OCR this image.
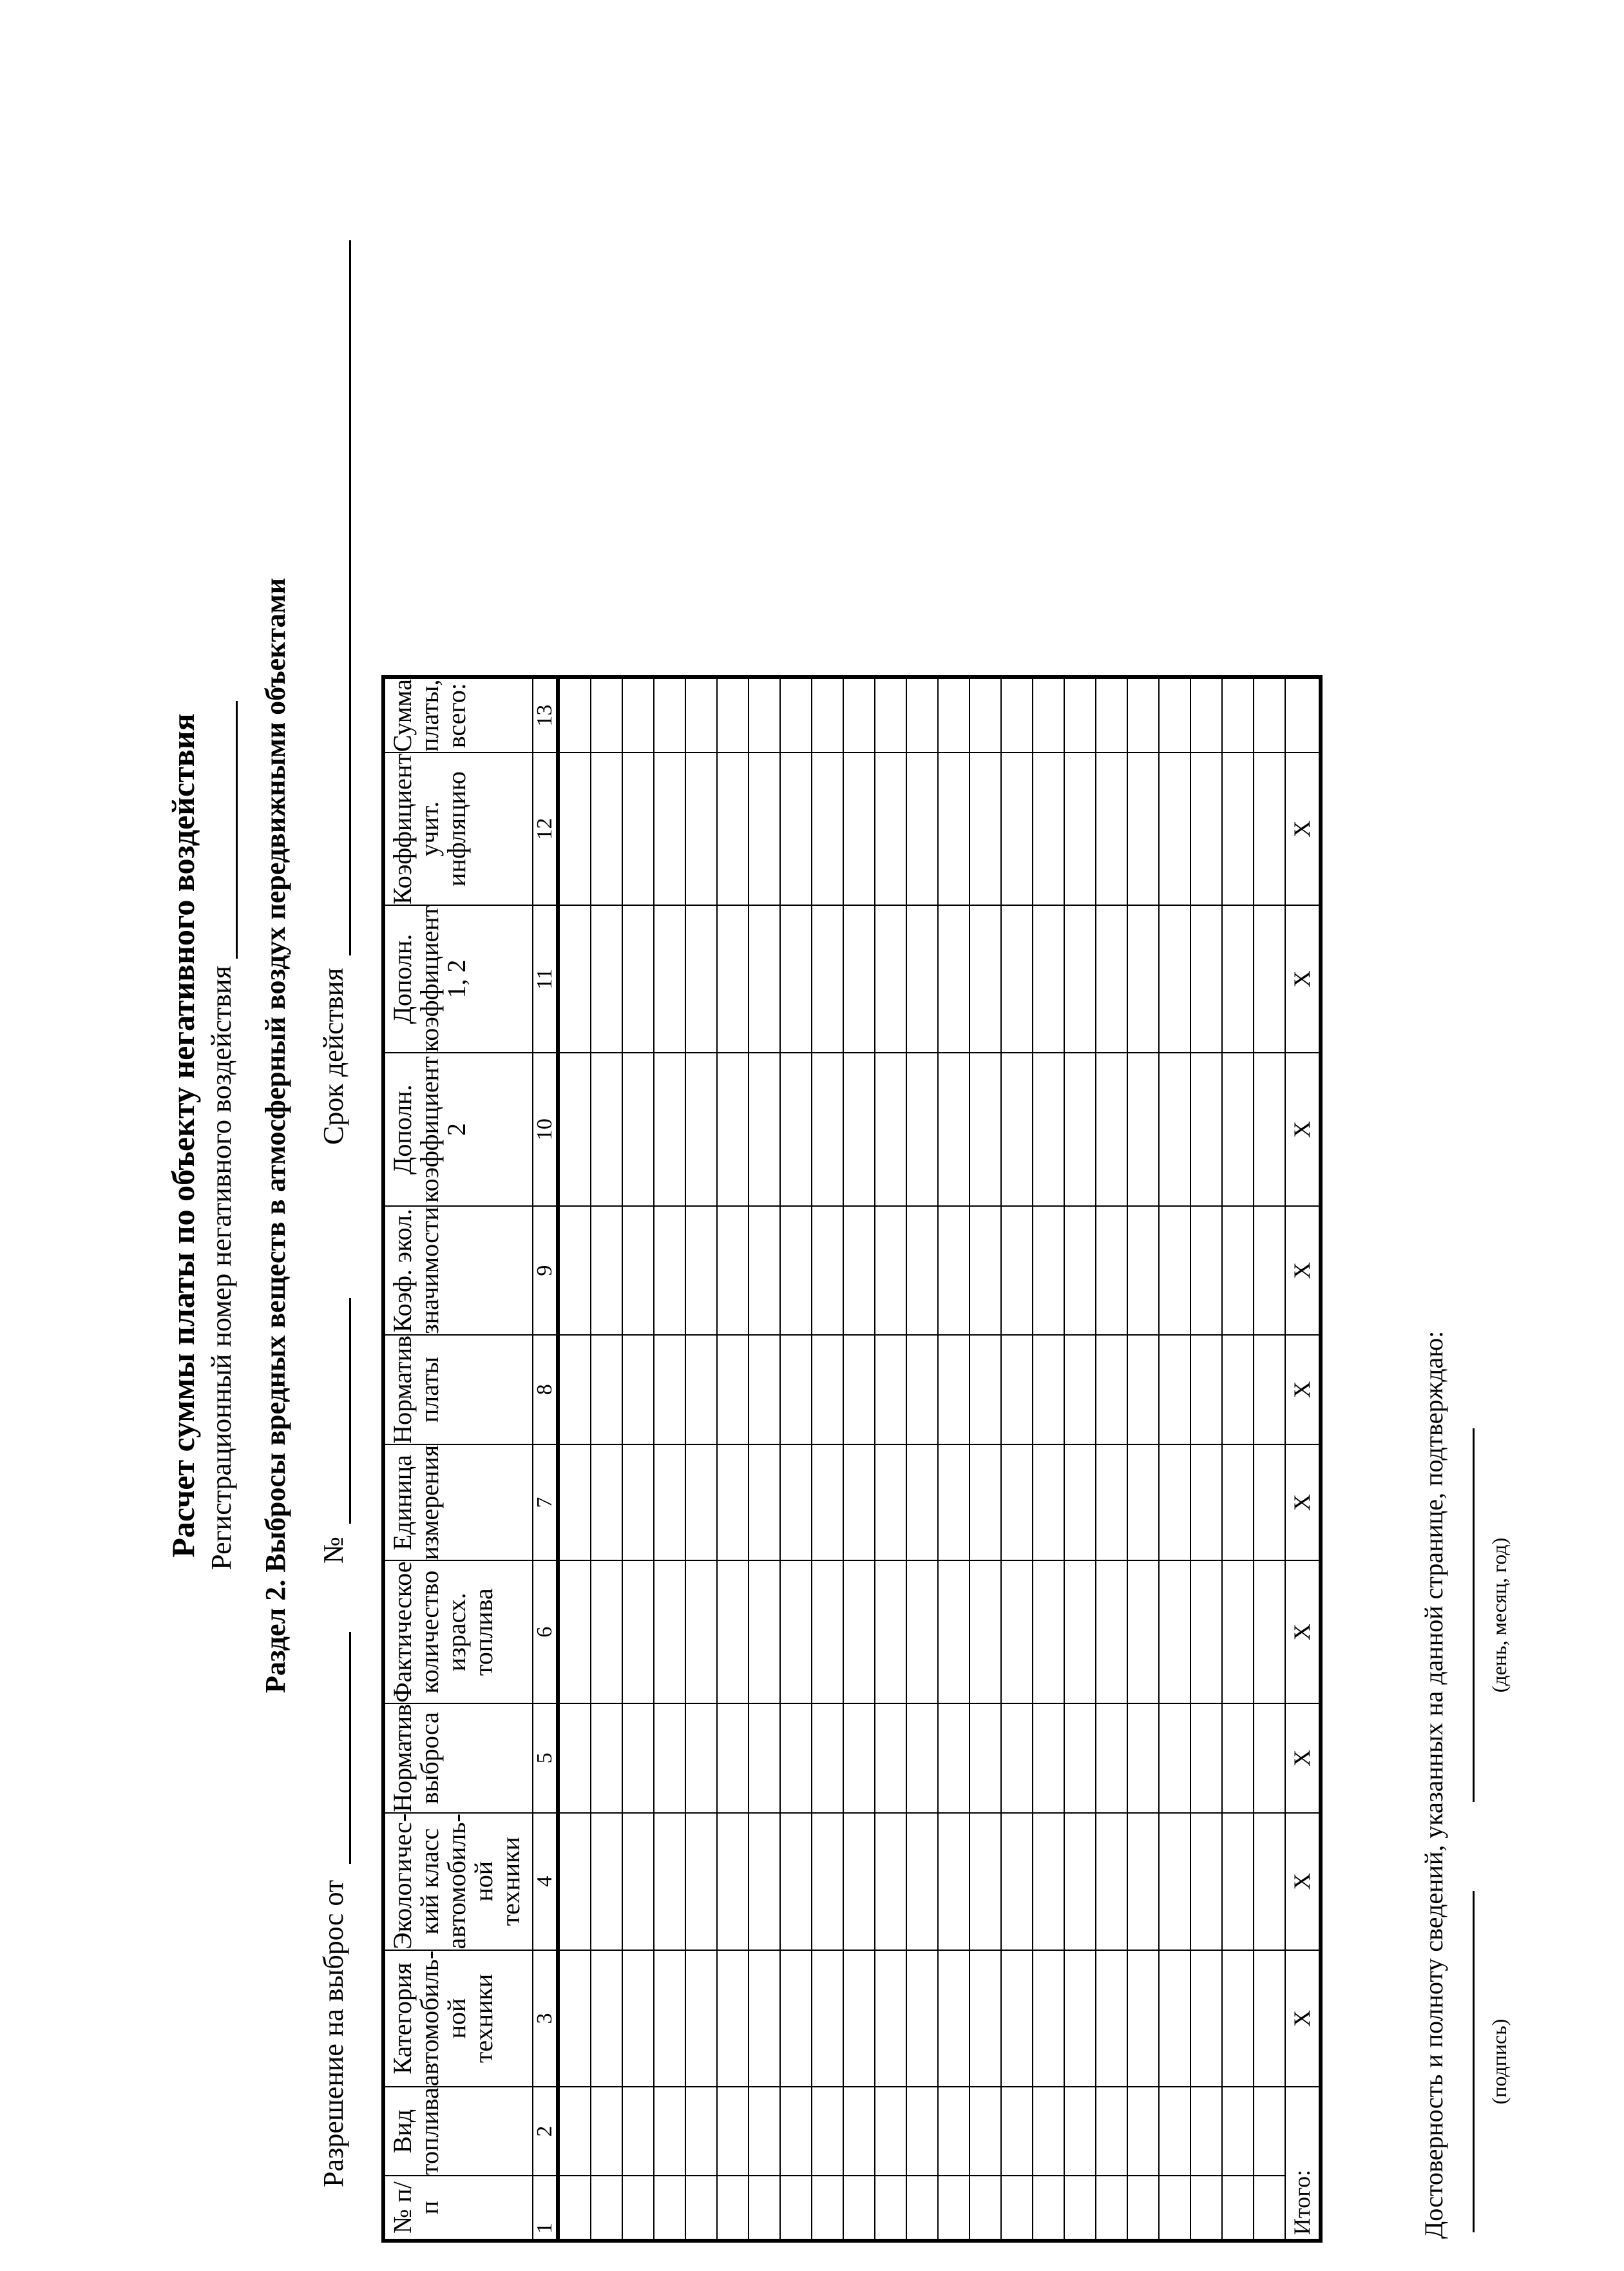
Расчет суммы платы по объекту негативного воздействия Регистрационный номер негативного воздействия Раздел 2. Выбросы вредных веществ в атмосферный воздух передвижными объектами
Разрешение на выброс от
№
Срок действия
№ п/п	Вид топлива	Категория автомобиль-ной техники	Экологичес-кий класс автомобиль-ной техники	Норматив выброса	Фактическое количество израсх. топлива	Единица измерения	Норматив платы	Коэф. экол. значимости	Дополн. коэффициент 2	Дополн. коэффициент 1, 2	Коэффициент учит. инфляцию	Сумма платы, всего:
1	2	3	4	5	6	7	8	9	10	11	12	13

Итого:		X	X	X	X	X	X	X	X	X	X	
Достоверность и полноту сведений, указанных на данной странице, подтверждаю: (подпись)
(день, месяц, год)
